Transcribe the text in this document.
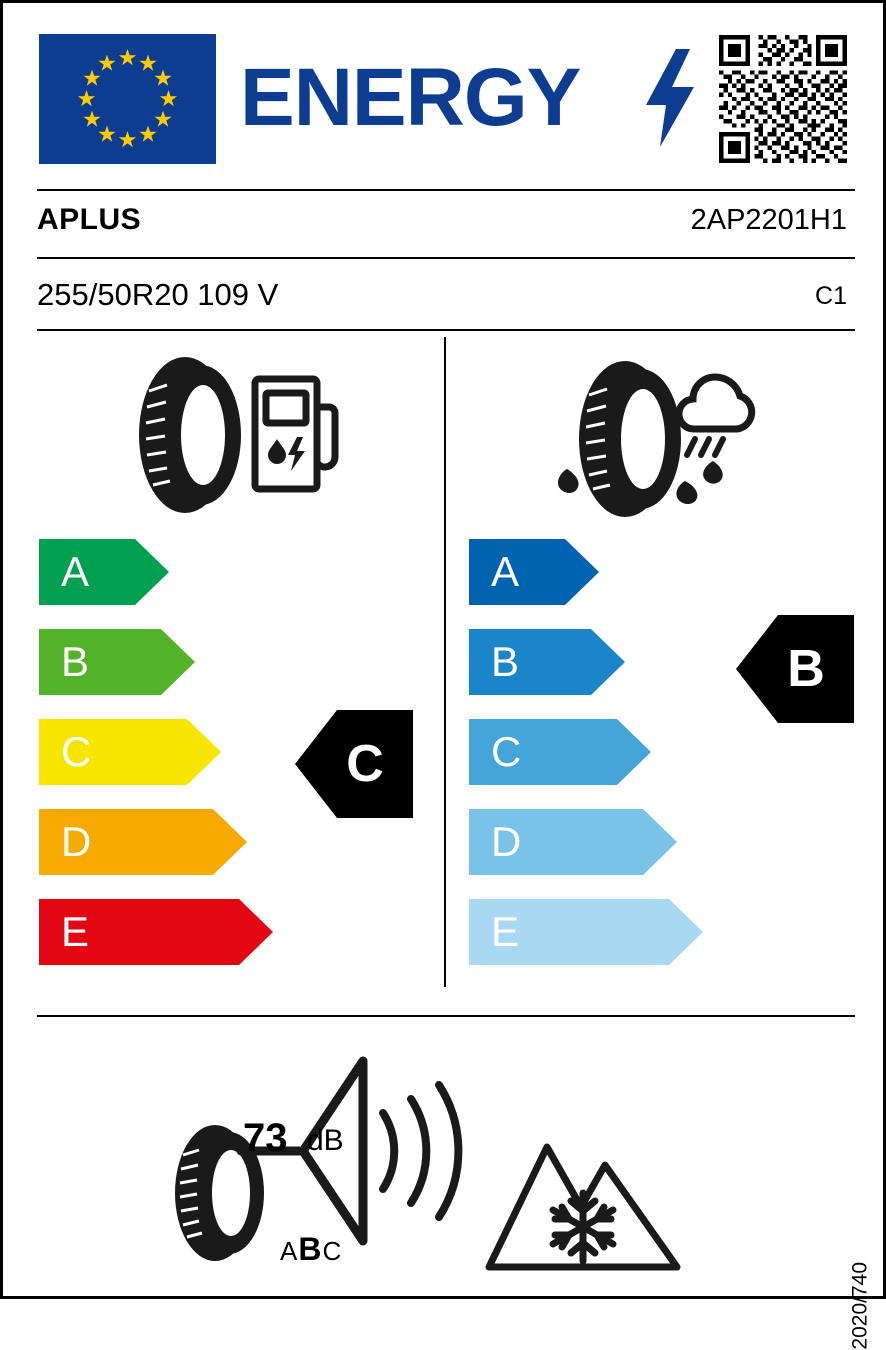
ENERGY
APLUS	2AP2201H1
255/50R20 109 V	C1
A
B
C
D
E
C
A
B
C
D
E
B
73 dB
ABC
2020/740
